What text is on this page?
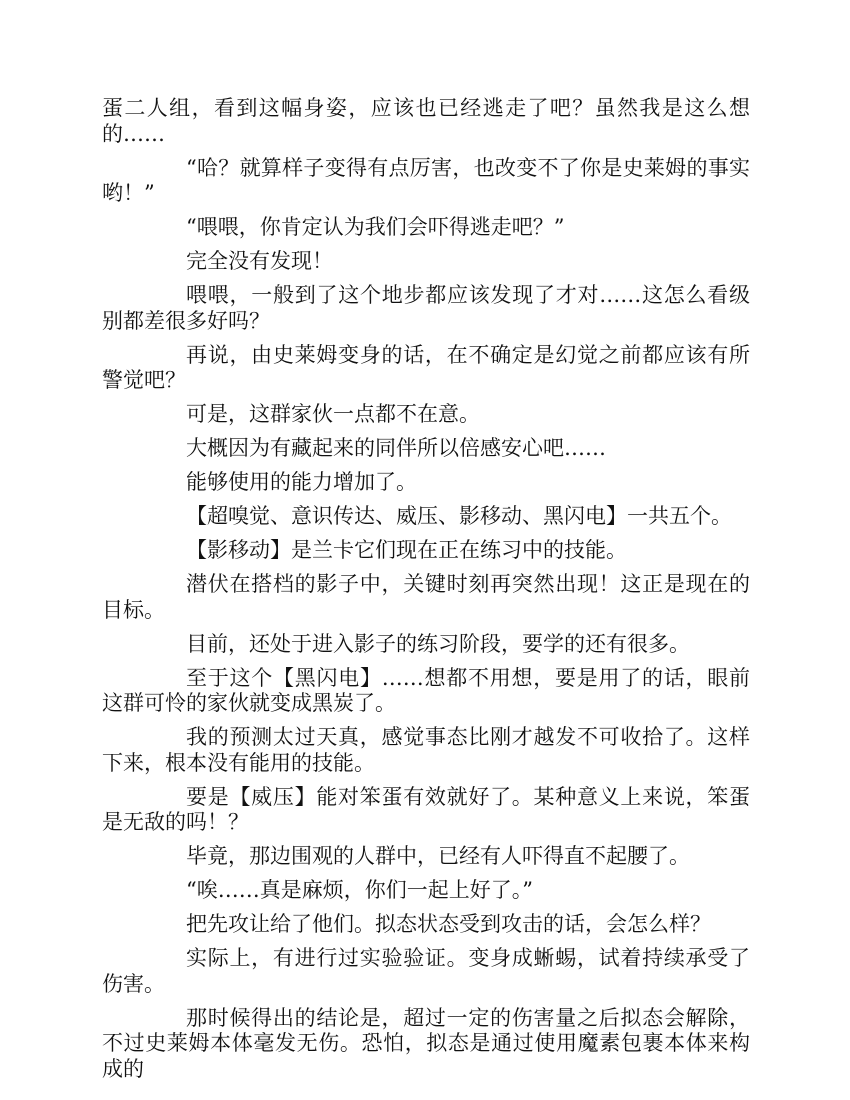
蛋二人组，看到这幅身姿，应该也已经逃走了吧？虽然我是这么想的……

“哈？就算样子变得有点厉害，也改变不了你是史莱姆的事实哟！”

“喂喂，你肯定认为我们会吓得逃走吧？”

完全没有发现！

喂喂，一般到了这个地步都应该发现了才对……这怎么看级别都差很多好吗？

再说，由史莱姆变身的话，在不确定是幻觉之前都应该有所警觉吧？

可是，这群家伙一点都不在意。

大概因为有藏起来的同伴所以倍感安心吧……

能够使用的能力增加了。

【超嗅觉、意识传达、威压、影移动、黑闪电】一共五个。

【影移动】是兰卡它们现在正在练习中的技能。

潜伏在搭档的影子中，关键时刻再突然出现！这正是现在的目标。

目前，还处于进入影子的练习阶段，要学的还有很多。

至于这个【黑闪电】……想都不用想，要是用了的话，眼前这群可怜的家伙就变成黑炭了。

我的预测太过天真，感觉事态比刚才越发不可收拾了。这样下来，根本没有能用的技能。

要是【威压】能对笨蛋有效就好了。某种意义上来说，笨蛋是无敌的吗！？

毕竟，那边围观的人群中，已经有人吓得直不起腰了。

“唉……真是麻烦，你们一起上好了。”

把先攻让给了他们。拟态状态受到攻击的话，会怎么样？

实际上，有进行过实验验证。变身成蜥蜴，试着持续承受了伤害。

那时候得出的结论是，超过一定的伤害量之后拟态会解除，不过史莱姆本体毫发无伤。恐怕，拟态是通过使用魔素包裹本体来构成的
